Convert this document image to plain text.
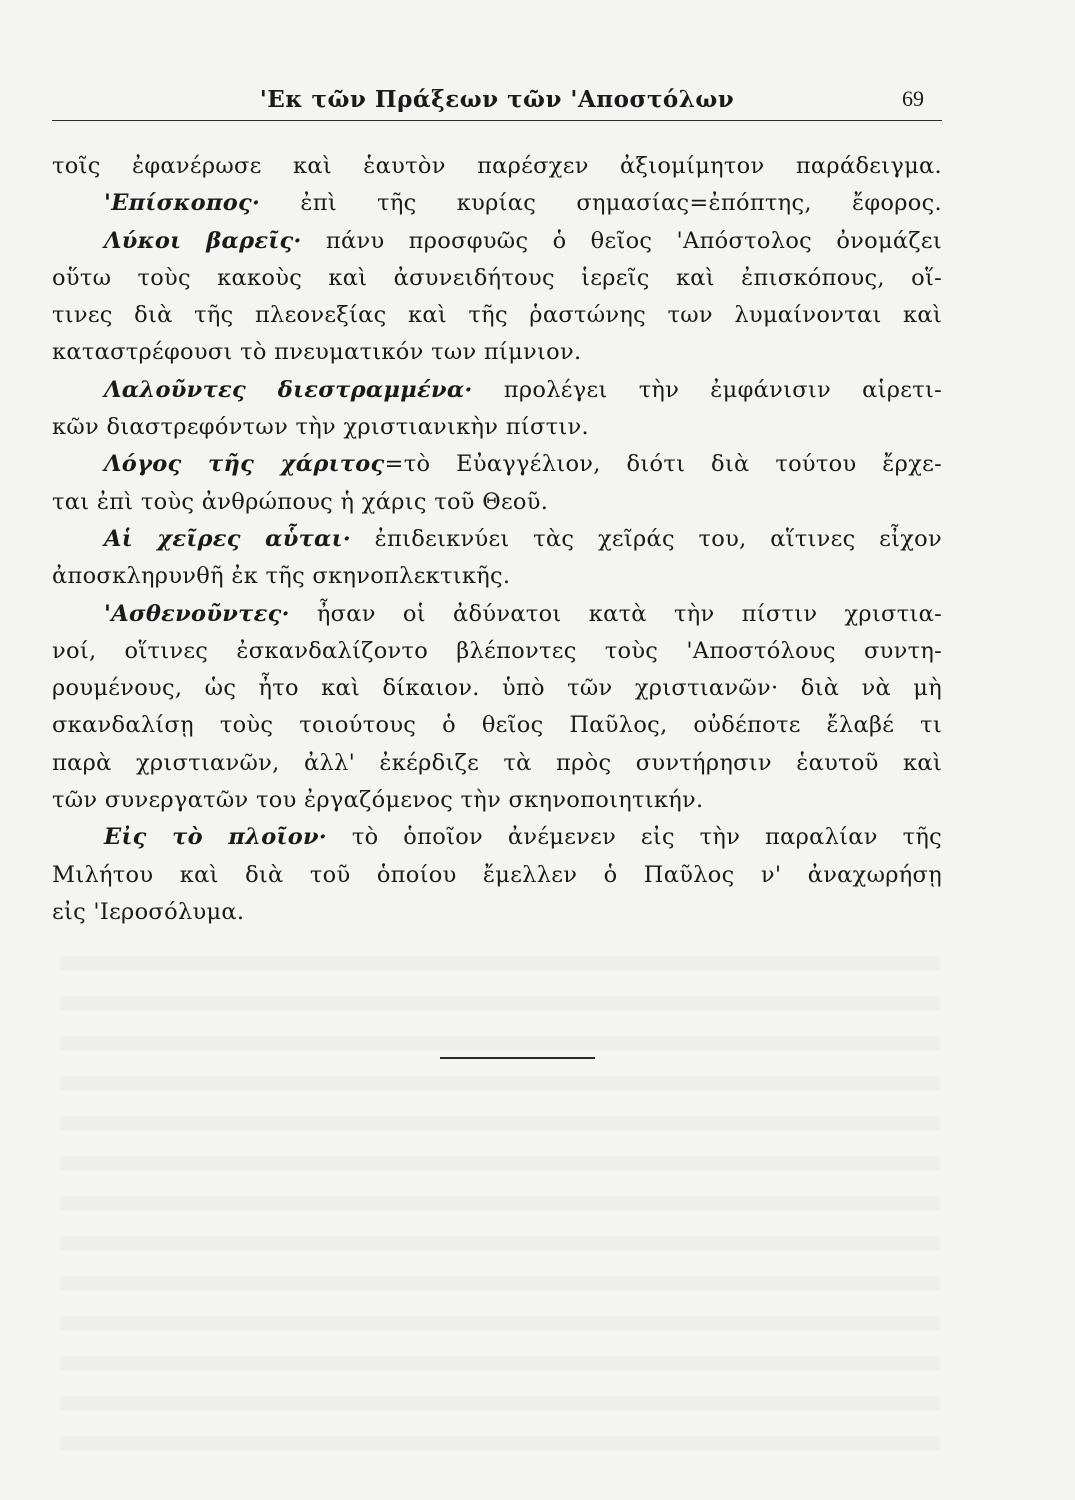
'Εκ τῶν Πράξεων τῶν 'Αποστόλων	69
τοῖς ἐφανέρωσε καὶ ἑαυτὸν παρέσχεν ἀξιομίμητον παράδειγμα.
'Επίσκοπος· ἐπὶ τῆς κυρίας σημασίας=ἐπόπτης, ἔφορος.
Λύκοι βαρεῖς· πάνυ προσφυῶς ὁ θεῖος 'Απόστολος ὀνομάζει
οὕτω τοὺς κακοὺς καὶ ἀσυνειδήτους ἱερεῖς καὶ ἐπισκόπους, οἵ-
τινες διὰ τῆς πλεονεξίας καὶ τῆς ῥαστώνης των λυμαίνονται καὶ
καταστρέφουσι τὸ πνευματικόν των πίμνιον.
Λαλοῦντες διεστραμμένα· προλέγει τὴν ἐμφάνισιν αἱρετι-
κῶν διαστρεφόντων τὴν χριστιανικὴν πίστιν.
Λόγος τῆς χάριτος=τὸ Εὐαγγέλιον, διότι διὰ τούτου ἔρχε-
ται ἐπὶ τοὺς ἀνθρώπους ἡ χάρις τοῦ Θεοῦ.
Αἱ χεῖρες αὗται· ἐπιδεικνύει τὰς χεῖράς του, αἵτινες εἶχον
ἀποσκληρυνθῆ ἐκ τῆς σκηνοπλεκτικῆς.
'Ασθενοῦντες· ἦσαν οἱ ἀδύνατοι κατὰ τὴν πίστιν χριστια-
νοί, οἵτινες ἐσκανδαλίζοντο βλέποντες τοὺς 'Αποστόλους συντη-
ρουμένους, ὡς ἦτο καὶ δίκαιον. ὑπὸ τῶν χριστιανῶν· διὰ νὰ μὴ
σκανδαλίσῃ τοὺς τοιούτους ὁ θεῖος Παῦλος, οὐδέποτε ἔλαβέ τι
παρὰ χριστιανῶν, ἀλλ' ἐκέρδιζε τὰ πρὸς συντήρησιν ἑαυτοῦ καὶ
τῶν συνεργατῶν του ἐργαζόμενος τὴν σκηνοποιητικήν.
Εἰς τὸ πλοῖον· τὸ ὁποῖον ἀνέμενεν εἰς τὴν παραλίαν τῆς
Μιλήτου καὶ διὰ τοῦ ὁποίου ἔμελλεν ὁ Παῦλος ν' ἀναχωρήσῃ
εἰς 'Ιεροσόλυμα.
